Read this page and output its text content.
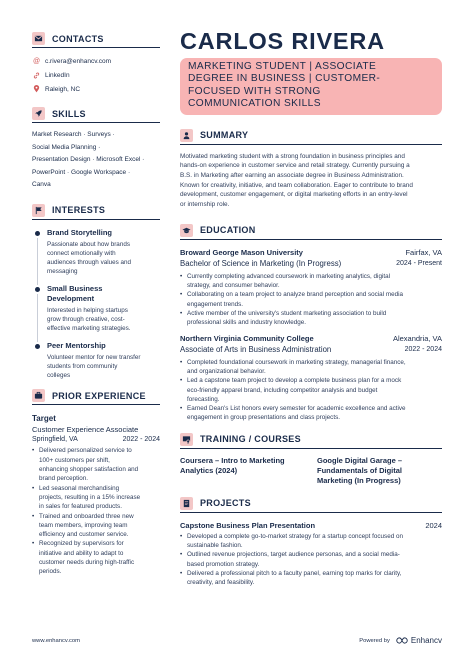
CONTACTS
@ c.rivera@enhancv.com
LinkedIn
Raleigh, NC
SKILLS
Market Research · Surveys ·
Social Media Planning ·
Presentation Design · Microsoft Excel ·
PowerPoint · Google Workspace ·
Canva
INTERESTS
Brand Storytelling
Passionate about how brands
connect emotionally with
audiences through values and
messaging
Small Business Development
Interested in helping startups
grow through creative, cost-
effective marketing strategies.
Peer Mentorship
Volunteer mentor for new transfer
students from community
colleges
PRIOR EXPERIENCE
Target
Customer Experience Associate
Springfield, VA	2022 - 2024
• Delivered personalized service to
100+ customers per shift,
enhancing shopper satisfaction and
brand perception.
• Led seasonal merchandising
projects, resulting in a 15% increase
in sales for featured products.
• Trained and onboarded three new
team members, improving team
efficiency and customer service.
• Recognized by supervisors for
initiative and ability to adapt to
customer needs during high-traffic
periods.
CARLOS RIVERA
MARKETING STUDENT | ASSOCIATE
DEGREE IN BUSINESS | CUSTOMER-
FOCUSED WITH STRONG
COMMUNICATION SKILLS
SUMMARY
Motivated marketing student with a strong foundation in business principles and
hands-on experience in customer service and retail strategy. Currently pursuing a
B.S. in Marketing after earning an associate degree in Business Administration.
Known for creativity, initiative, and team collaboration. Eager to contribute to brand
development, customer engagement, or digital marketing efforts in an entry-level
or internship role.
EDUCATION
Broward George Mason University	Fairfax, VA
Bachelor of Science in Marketing (In Progress)	2024 - Present
• Currently completing advanced coursework in marketing analytics, digital
strategy, and consumer behavior.
• Collaborating on a team project to analyze brand perception and social media
engagement trends.
• Active member of the university's student marketing association to build
professional skills and industry knowledge.
Northern Virginia Community College	Alexandria, VA
Associate of Arts in Business Administration	2022 - 2024
• Completed foundational coursework in marketing strategy, managerial finance,
and organizational behavior.
• Led a capstone team project to develop a complete business plan for a mock
eco-friendly apparel brand, including competitor analysis and budget
forecasting.
• Earned Dean's List honors every semester for academic excellence and active
engagement in group presentations and class projects.
TRAINING / COURSES
Coursera – Intro to Marketing
Analytics (2024)
Google Digital Garage –
Fundamentals of Digital
Marketing (In Progress)
PROJECTS
Capstone Business Plan Presentation	2024
• Developed a complete go-to-market strategy for a startup concept focused on
sustainable fashion.
• Outlined revenue projections, target audience personas, and a social media-
based promotion strategy.
• Delivered a professional pitch to a faculty panel, earning top marks for clarity,
creativity, and feasibility.
www.enhancv.com	Powered by	Enhancv
